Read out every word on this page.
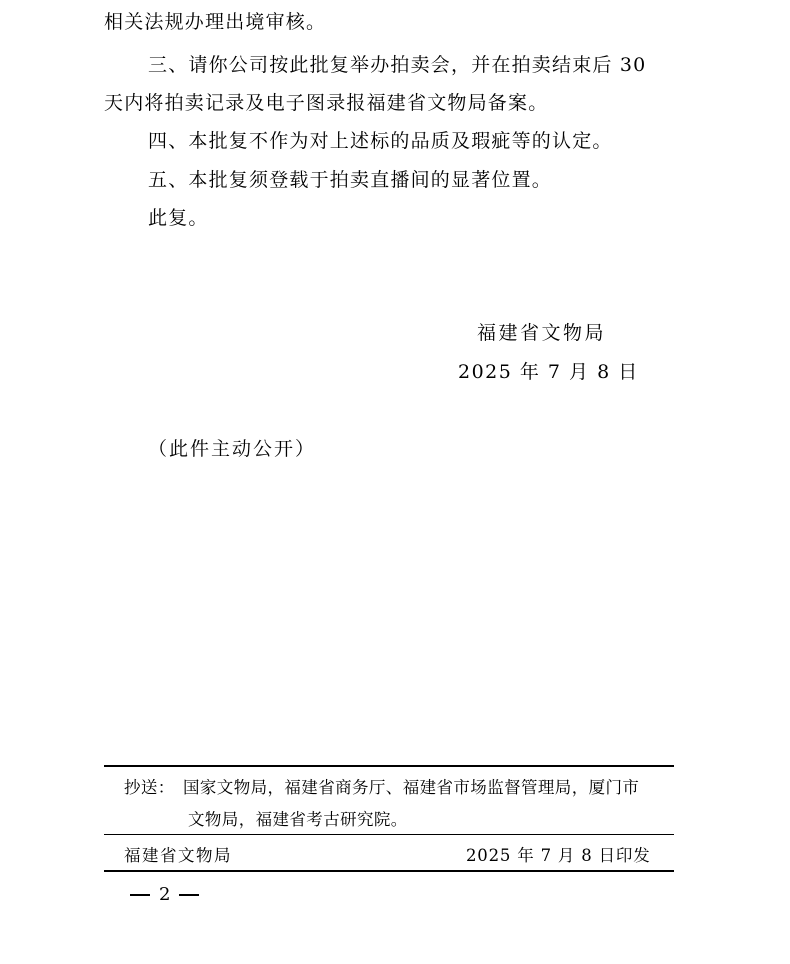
相关法规办理出境审核。
三、请你公司按此批复举办拍卖会，并在拍卖结束后 30
天内将拍卖记录及电子图录报福建省文物局备案。
四、本批复不作为对上述标的品质及瑕疵等的认定。
五、本批复须登载于拍卖直播间的显著位置。
此复。
福建省文物局
2025 年 7 月 8 日
（此件主动公开）
抄送： 国家文物局，福建省商务厅、福建省市场监督管理局，厦门市
文物局，福建省考古研究院。
福建省文物局	2025 年 7 月 8 日印发
2
